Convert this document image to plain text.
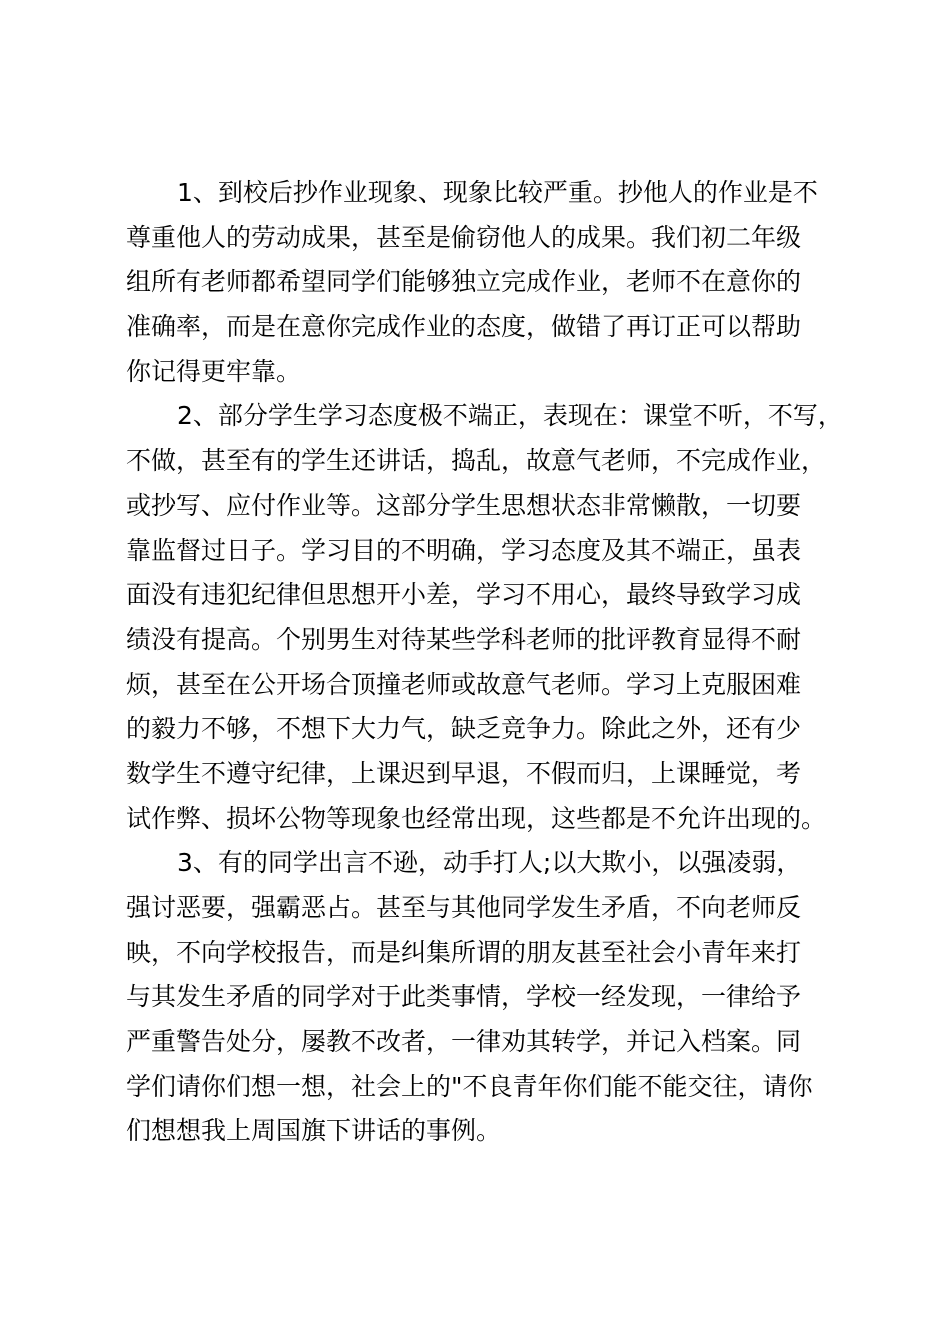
1、到校后抄作业现象、现象比较严重。抄他人的作业是不
尊重他人的劳动成果，甚至是偷窃他人的成果。我们初二年级
组所有老师都希望同学们能够独立完成作业，老师不在意你的
准确率，而是在意你完成作业的态度，做错了再订正可以帮助
你记得更牢靠。
2、部分学生学习态度极不端正，表现在：课堂不听，不写，
不做，甚至有的学生还讲话，捣乱，故意气老师，不完成作业，
或抄写、应付作业等。这部分学生思想状态非常懒散，一切要
靠监督过日子。学习目的不明确，学习态度及其不端正，虽表
面没有违犯纪律但思想开小差，学习不用心，最终导致学习成
绩没有提高。个别男生对待某些学科老师的批评教育显得不耐
烦，甚至在公开场合顶撞老师或故意气老师。学习上克服困难
的毅力不够，不想下大力气，缺乏竞争力。除此之外，还有少
数学生不遵守纪律，上课迟到早退，不假而归，上课睡觉，考
试作弊、损坏公物等现象也经常出现，这些都是不允许出现的。
3、有的同学出言不逊，动手打人;以大欺小，以强凌弱，
强讨恶要，强霸恶占。甚至与其他同学发生矛盾，不向老师反
映，不向学校报告，而是纠集所谓的朋友甚至社会小青年来打
与其发生矛盾的同学对于此类事情，学校一经发现，一律给予
严重警告处分，屡教不改者，一律劝其转学，并记入档案。同
学们请你们想一想，社会上的"不良青年你们能不能交往，请你
们想想我上周国旗下讲话的事例。
